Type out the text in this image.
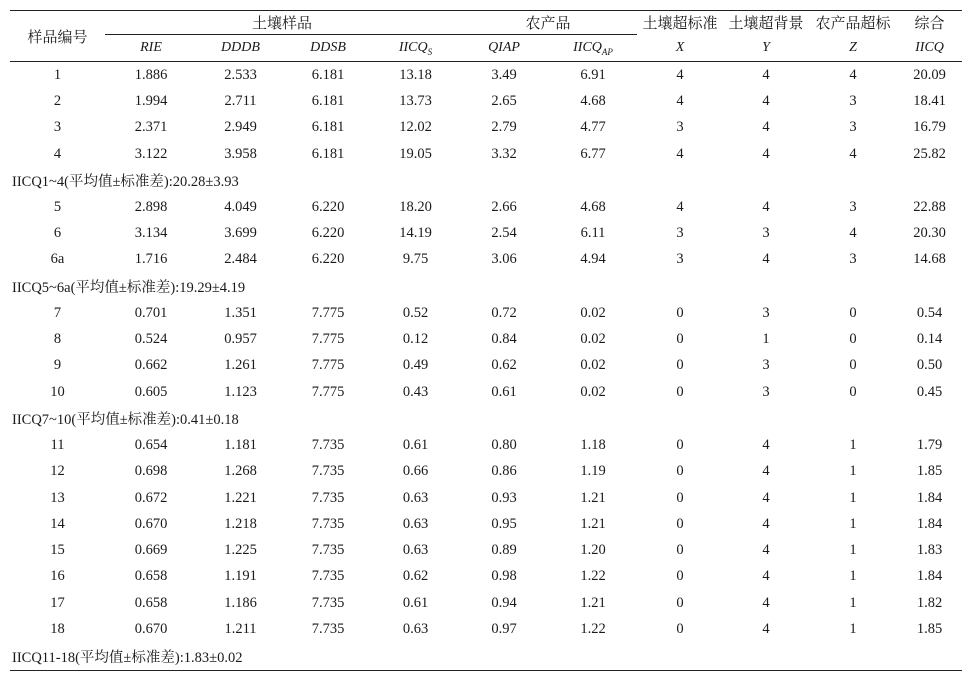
样品编号	土壤样品				农产品		土壤超标准	土壤超背景	农产品超标	综合
	RIE	DDDB	DDSB	$IICQ_S$	QIAP	$IICQ_{AP}$	X	Y	Z	IICQ
1	1.886	2.533	6.181	13.18	3.49	6.91	4	4	4	20.09
2	1.994	2.711	6.181	13.73	2.65	4.68	4	4	3	18.41
3	2.371	2.949	6.181	12.02	2.79	4.77	3	4	3	16.79
4	3.122	3.958	6.181	19.05	3.32	6.77	4	4	4	25.82
IICQ1~4(平均值±标准差):20.28±3.93										
5	2.898	4.049	6.220	18.20	2.66	4.68	4	4	3	22.88
6	3.134	3.699	6.220	14.19	2.54	6.11	3	3	4	20.30
6a	1.716	2.484	6.220	9.75	3.06	4.94	3	4	3	14.68
IICQ5~6a(平均值±标准差):19.29±4.19										
7	0.701	1.351	7.775	0.52	0.72	0.02	0	3	0	0.54
8	0.524	0.957	7.775	0.12	0.84	0.02	0	1	0	0.14
9	0.662	1.261	7.775	0.49	0.62	0.02	0	3	0	0.50
10	0.605	1.123	7.775	0.43	0.61	0.02	0	3	0	0.45
IICQ7~10(平均值±标准差):0.41±0.18										
11	0.654	1.181	7.735	0.61	0.80	1.18	0	4	1	1.79
12	0.698	1.268	7.735	0.66	0.86	1.19	0	4	1	1.85
13	0.672	1.221	7.735	0.63	0.93	1.21	0	4	1	1.84
14	0.670	1.218	7.735	0.63	0.95	1.21	0	4	1	1.84
15	0.669	1.225	7.735	0.63	0.89	1.20	0	4	1	1.83
16	0.658	1.191	7.735	0.62	0.98	1.22	0	4	1	1.84
17	0.658	1.186	7.735	0.61	0.94	1.21	0	4	1	1.82
18	0.670	1.211	7.735	0.63	0.97	1.22	0	4	1	1.85
IICQ11-18(平均值±标准差):1.83±0.02										
